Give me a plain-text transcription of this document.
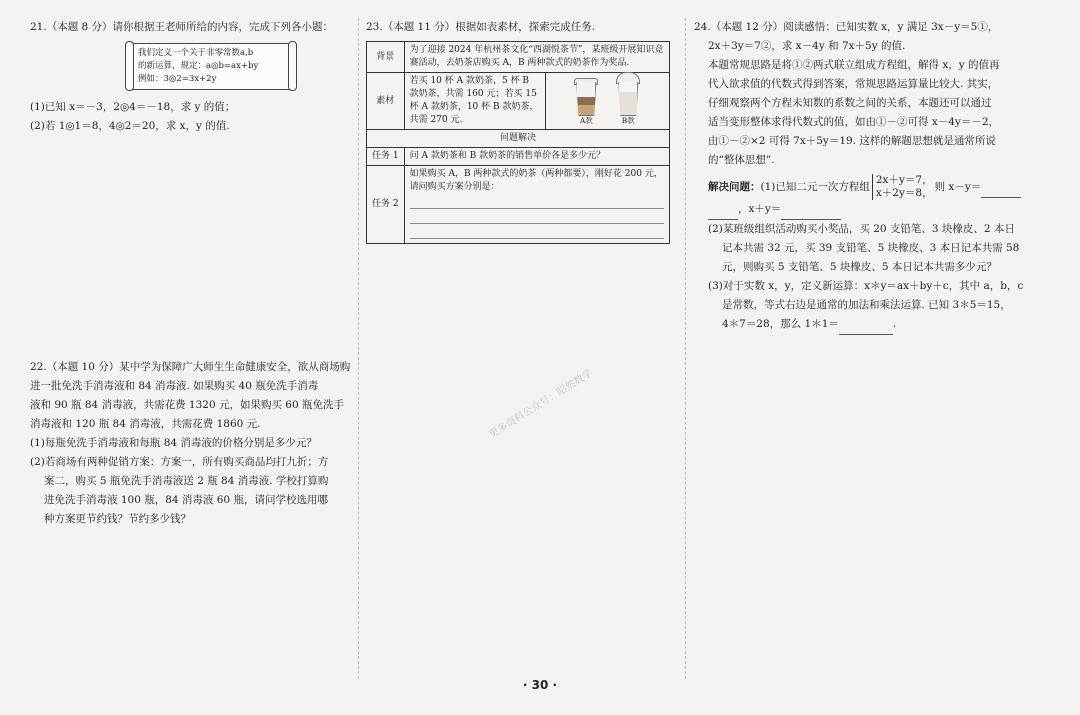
21.（本题 8 分）请你根据王老师所给的内容，完成下列各小题：
我们定义一个关于非零常数a,b
的新运算，规定：a◎b=ax+by
例如：3◎2=3x+2y
(1)已知 x＝－3，2◎4＝－18，求 y 的值；
(2)若 1◎1＝8，4◎2＝20，求 x，y 的值.
22.（本题 10 分）某中学为保障广大师生生命健康安全，欲从商场购
进一批免洗手消毒液和 84 消毒液. 如果购买 40 瓶免洗手消毒
液和 90 瓶 84 消毒液，共需花费 1320 元，如果购买 60 瓶免洗手
消毒液和 120 瓶 84 消毒液，共需花费 1860 元.
(1)每瓶免洗手消毒液和每瓶 84 消毒液的价格分别是多少元？
(2)若商场有两种促销方案：方案一，所有购买商品均打九折；方
案二，购买 5 瓶免洗手消毒液送 2 瓶 84 消毒液. 学校打算购
进免洗手消毒液 100 瓶，84 消毒液 60 瓶，请问学校选用哪
种方案更节约钱？节约多少钱？
23.（本题 11 分）根据如表素材，探索完成任务.
背景	为了迎接 2024 年杭州茶文化“西湖悦茶节”，某班级开展知识竞赛活动，去奶茶店购买 A，B 两种款式的奶茶作为奖品.	
素材	若买 10 杯 A 款奶茶，5 杯 B 款奶茶，共需 160 元；若买 15 杯 A 款奶茶，10 杯 B 款奶茶，共需 270 元.	A款 B款

问题解决		
任务 1	问 A 款奶茶和 B 款奶茶的销售单价各是多少元？	
任务 2	如果购买 A，B 两种款式的奶茶（两种都要），刚好花 200 元，请问购买方案分别是：	
24.（本题 12 分）阅读感悟：已知实数 x，y 满足 3x－y＝5①，
2x＋3y＝7②，求 x－4y 和 7x＋5y 的值.
本题常规思路是将①②两式联立组成方程组，解得 x，y 的值再
代入欲求值的代数式得到答案，常规思路运算量比较大. 其实，
仔细观察两个方程未知数的系数之间的关系，本题还可以通过
适当变形整体求得代数式的值，如由①－②可得 x－4y＝－2，
由①－②×2 可得 7x＋5y＝19. 这样的解题思想就是通常所说
的“整体思想”.
解决问题：(1)已知二元一次方程组2x＋y＝7，
x＋2y＝8， 则 x－y＝
，x＋y＝
(2)某班级组织活动购买小奖品，买 20 支铅笔、3 块橡皮、2 本日
记本共需 32 元，买 39 支铅笔、5 块橡皮、3 本日记本共需 58
元，则购买 5 支铅笔、5 块橡皮、5 本日记本共需多少元？
(3)对于实数 x，y，定义新运算：x＊y＝ax＋by＋c，其中 a，b，c
是常数，等式右边是通常的加法和乘法运算. 已知 3＊5＝15，
4＊7＝28，那么 1＊1＝	.
更多资料公众号：昭然数学
· 30 ·
